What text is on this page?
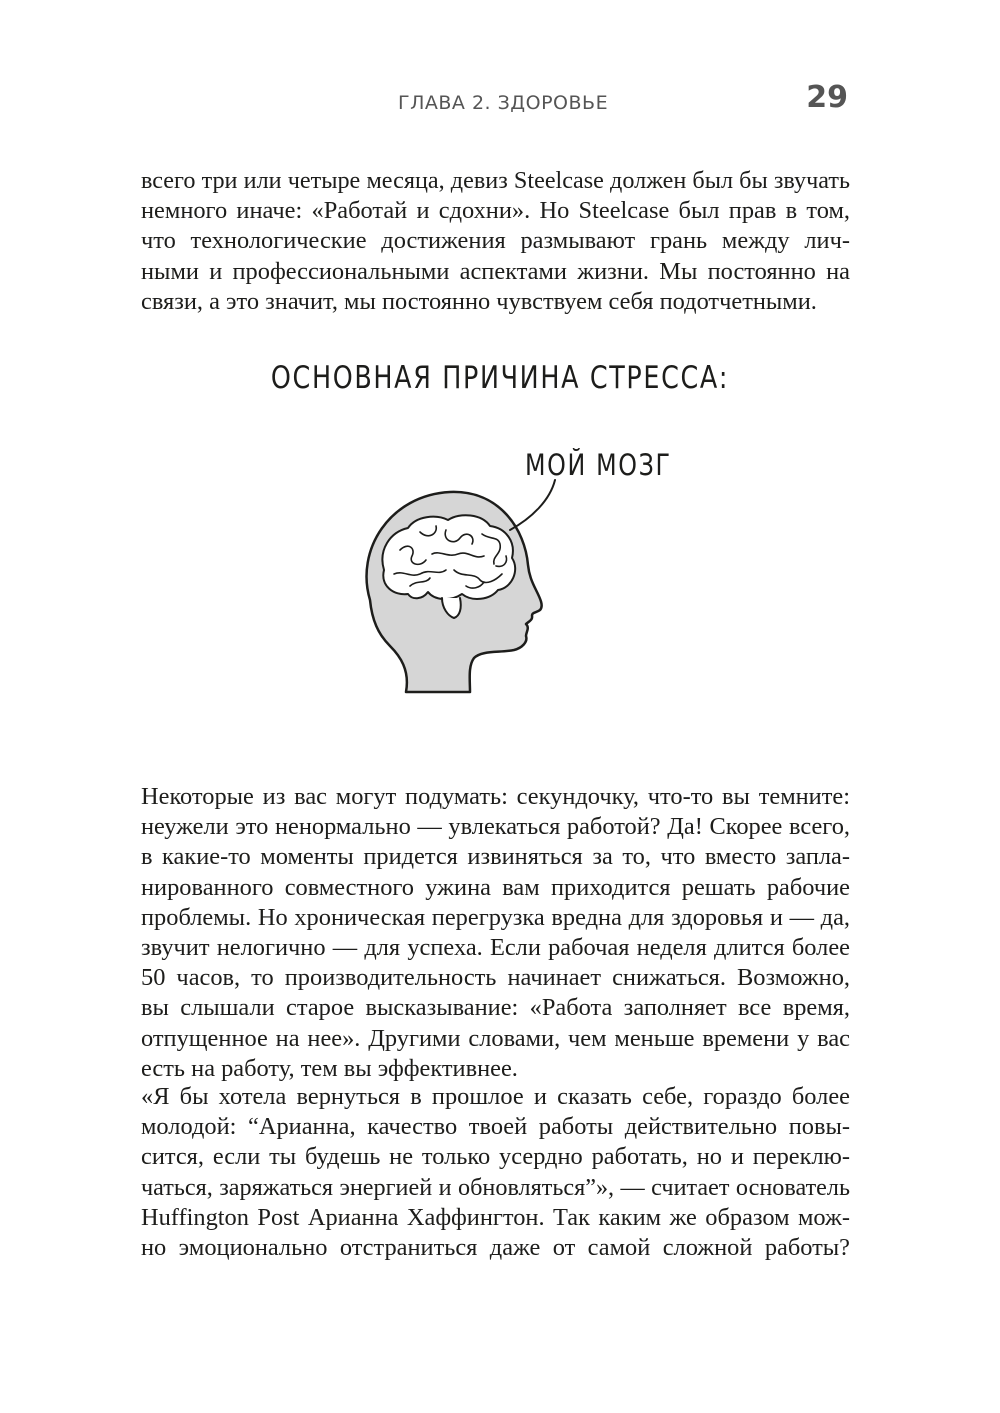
ГЛАВА 2. ЗДОРОВЬЕ	29
всего три или четыре месяца, девиз Steelcase должен был бы звучать
немного иначе: «Работай и сдохни». Но Steelcase был прав в том,
что технологические достижения размывают грань между лич-
ными и профессиональными аспектами жизни. Мы постоянно на
связи, а это значит, мы постоянно чувствуем себя подотчетными.
ОСНОВНАЯ ПРИЧИНА СТРЕССА:
МОЙ МОЗГ
Некоторые из вас могут подумать: секундочку, что-то вы темните:
неужели это ненормально — увлекаться работой? Да! Скорее всего,
в какие-то моменты придется извиняться за то, что вместо запла-
нированного совместного ужина вам приходится решать рабочие
проблемы. Но хроническая перегрузка вредна для здоровья и — да,
звучит нелогично — для успеха. Если рабочая неделя длится более
50 часов, то производительность начинает снижаться. Возможно,
вы слышали старое высказывание: «Работа заполняет все время,
отпущенное на нее». Другими словами, чем меньше времени у вас
есть на работу, тем вы эффективнее.
«Я бы хотела вернуться в прошлое и сказать себе, гораздо более
молодой: “Арианна, качество твоей работы действительно повы-
сится, если ты будешь не только усердно работать, но и переклю-
чаться, заряжаться энергией и обновляться”», — считает основатель
Huffington Post Арианна Хаффингтон. Так каким же образом мож-
но эмоционально отстраниться даже от самой сложной работы?
